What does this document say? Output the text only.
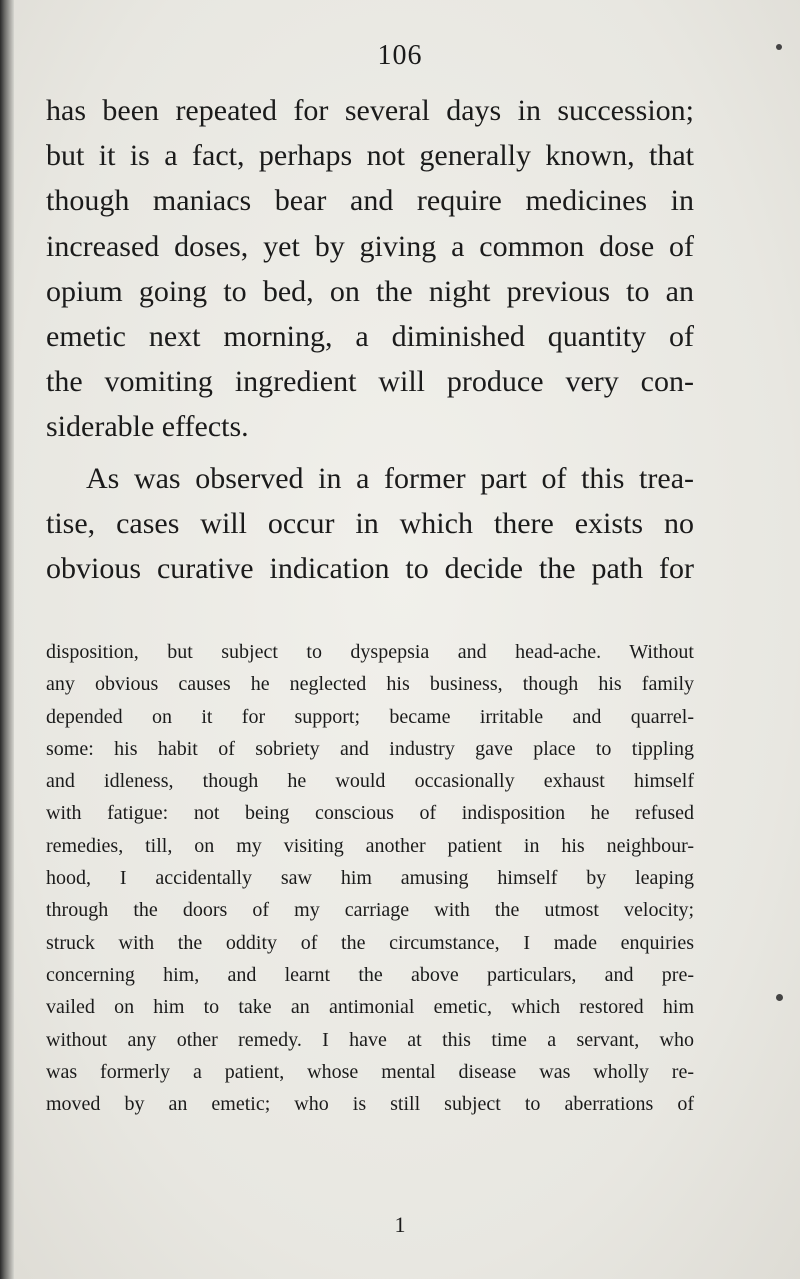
106
has been repeated for several days in succession;
but it is a fact, perhaps not generally known, that
though maniacs bear and require medicines in
increased doses, yet by giving a common dose of
opium going to bed, on the night previous to an
emetic next morning, a diminished quantity of
the vomiting ingredient will produce very con-
siderable effects.
As was observed in a former part of this trea-
tise, cases will occur in which there exists no
obvious curative indication to decide the path for
disposition, but subject to dyspepsia and head-ache. Without
any obvious causes he neglected his business, though his family
depended on it for support; became irritable and quarrel-
some: his habit of sobriety and industry gave place to tippling
and idleness, though he would occasionally exhaust himself
with fatigue: not being conscious of indisposition he refused
remedies, till, on my visiting another patient in his neighbour-
hood, I accidentally saw him amusing himself by leaping
through the doors of my carriage with the utmost velocity;
struck with the oddity of the circumstance, I made enquiries
concerning him, and learnt the above particulars, and pre-
vailed on him to take an antimonial emetic, which restored him
without any other remedy. I have at this time a servant, who
was formerly a patient, whose mental disease was wholly re-
moved by an emetic; who is still subject to aberrations of
1
